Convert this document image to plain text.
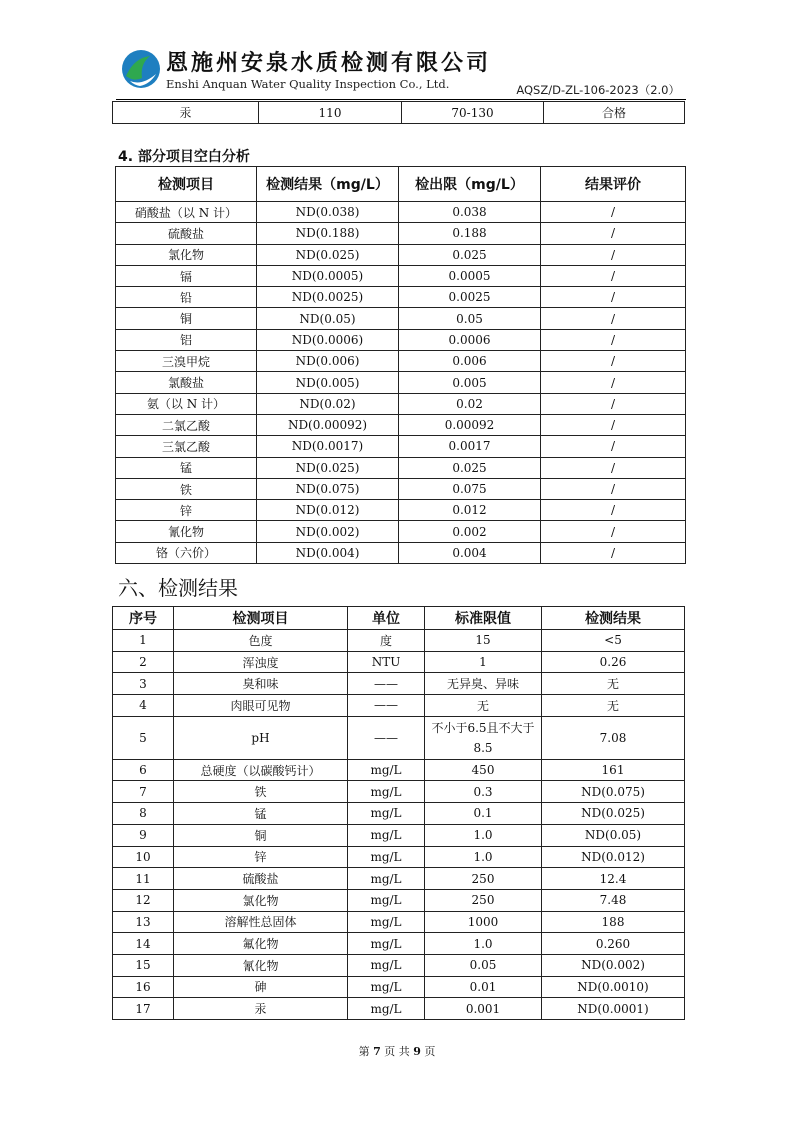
恩施州安泉水质检测有限公司
Enshi Anquan Water Quality Inspection Co., Ltd.	AQSZ/D-ZL-106-2023（2.0）
汞	110	70-130	合格
4. 部分项目空白分析
检测项目	检测结果（mg/L）	检出限（mg/L）	结果评价
硝酸盐（以 N 计）	ND(0.038)	0.038	/
硫酸盐	ND(0.188)	0.188	/
氯化物	ND(0.025)	0.025	/
镉	ND(0.0005)	0.0005	/
铅	ND(0.0025)	0.0025	/
铜	ND(0.05)	0.05	/
铝	ND(0.0006)	0.0006	/
三溴甲烷	ND(0.006)	0.006	/
氯酸盐	ND(0.005)	0.005	/
氨（以 N 计）	ND(0.02)	0.02	/
二氯乙酸	ND(0.00092)	0.00092	/
三氯乙酸	ND(0.0017)	0.0017	/
锰	ND(0.025)	0.025	/
铁	ND(0.075)	0.075	/
锌	ND(0.012)	0.012	/
氰化物	ND(0.002)	0.002	/
铬（六价）	ND(0.004)	0.004	/
六、检测结果
序号	检测项目	单位	标准限值	检测结果
1	色度	度	15	<5
2	浑浊度	NTU	1	0.26
3	臭和味	——	无异臭、异味	无
4	肉眼可见物	——	无	无
5	pH	——	不小于6.5且不大于8.5	7.08
6	总硬度（以碳酸钙计）	mg/L	450	161
7	铁	mg/L	0.3	ND(0.075)
8	锰	mg/L	0.1	ND(0.025)
9	铜	mg/L	1.0	ND(0.05)
10	锌	mg/L	1.0	ND(0.012)
11	硫酸盐	mg/L	250	12.4
12	氯化物	mg/L	250	7.48
13	溶解性总固体	mg/L	1000	188
14	氟化物	mg/L	1.0	0.260
15	氰化物	mg/L	0.05	ND(0.002)
16	砷	mg/L	0.01	ND(0.0010)
17	汞	mg/L	0.001	ND(0.0001)
第 7 页 共 9 页
